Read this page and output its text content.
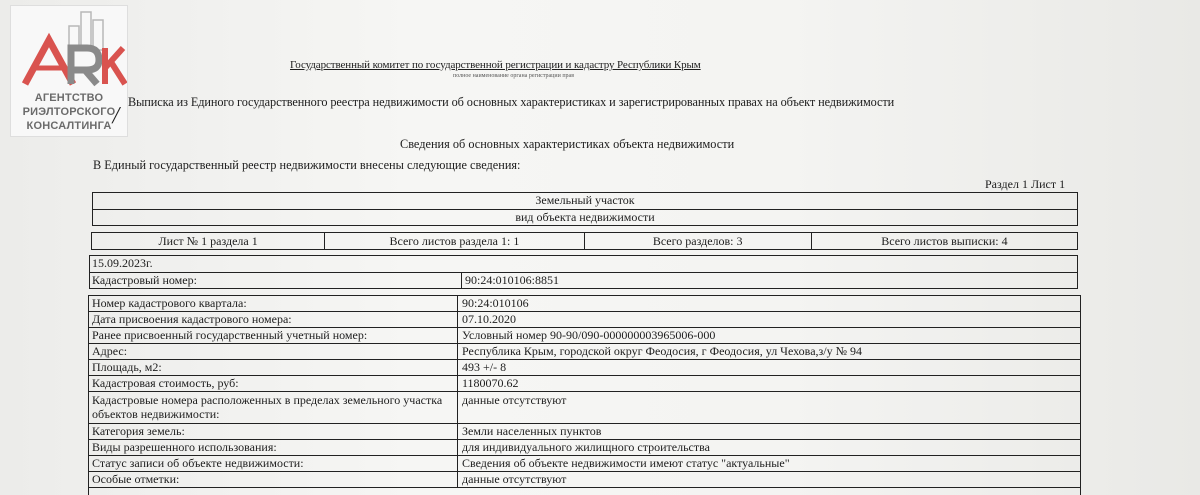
АГЕНТСТВО
РИЭЛТОРСКОГО
КОНСАЛТИНГА
╱
Государственный комитет по государственной регистрации и кадастру Республики Крым
полное наименование органа регистрации прав
Выписка из Единого государственного реестра недвижимости об основных характеристиках и зарегистрированных правах на объект недвижимости
Сведения об основных характеристиках объекта недвижимости
В Единый государственный реестр недвижимости внесены следующие сведения:
Раздел 1 Лист 1
Земельный участок
вид объекта недвижимости
Лист № 1 раздела 1	Всего листов раздела 1: 1	Всего разделов: 3	Всего листов выписки: 4
15.09.2023г.
Кадастровый номер:	90:24:010106:8851
Номер кадастрового квартала:	90:24:010106
Дата присвоения кадастрового номера:	07.10.2020
Ранее присвоенный государственный учетный номер:	Условный номер 90-90/090-000000003965006-000
Адрес:	Республика Крым, городской округ Феодосия, г Феодосия, ул Чехова,з/у № 94
Площадь, м2:	493 +/- 8
Кадастровая стоимость, руб:	1180070.62
Кадастровые номера расположенных в пределах земельного участка объектов недвижимости:
данные отсутствуют
Категория земель:	Земли населенных пунктов
Виды разрешенного использования:	для индивидуального жилищного строительства
Статус записи об объекте недвижимости:	Сведения об объекте недвижимости имеют статус "актуальные"
Особые отметки:	данные отсутствуют
